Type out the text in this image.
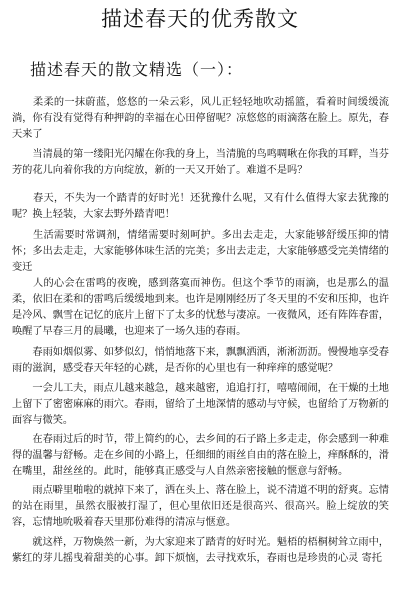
描述春天的优秀散文
描述春天的散文精选（一）：

　　柔柔的一抹蔚蓝，悠悠的一朵云彩，风儿正轻轻地吹动摇篮，看着时间缓缓流淌，你有没有觉得有种押韵的幸福在心田停留呢？凉悠悠的雨滴落在脸上。原先，春天来了

　　当清晨的第一缕阳光闪耀在你我的身上，当清脆的鸟鸣啁啾在你我的耳畔，当芬芳的花儿向着你我的方向绽放，新的一天又开始了。难道不是吗？

　　春天，不失为一个踏青的好时光！还犹豫什么呢，又有什么值得大家去犹豫的呢？换上轻装，大家去野外踏青吧！

　　生活需要时常调剂，情绪需要时刻呵护。多出去走走，大家能够舒缓压抑的情怀；多出去走走，大家能够体味生活的完美；多出去走走，大家能够感受完美情绪的变迁

　　人的心会在雷鸣的夜晚，感到落寞而神伤。但这个季节的雨滴，也是那么的温柔，依旧在柔和的雷鸣后缓缓地到来。也许是刚刚经历了冬天里的不安和压抑，也许是冷风、飘雪在记忆的底片上留下了太多的忧愁与凄凉。一夜微风，还有阵阵春雷，唤醒了早春三月的晨曦，也迎来了一场久违的春雨。

　　春雨如烟似雾、如梦似幻，悄悄地落下来，飘飘洒洒，淅淅沥沥。慢慢地享受春雨的滋润，感受春天年轻的心跳，是否你的心里也有一种痒痒的感觉呢？

　　一会儿工夫，雨点儿越来越急，越来越密，追追打打，嘻嘻闹闹，在干燥的土地上留下了密密麻麻的雨穴。春雨，留给了土地深情的感动与守候，也留给了万物新的面容与微笑。

　　在春雨过后的时节，带上简约的心，去乡间的石子路上多走走，你会感到一种难得的温馨与舒畅。走在乡间的小路上，任细细的雨丝自由的落在脸上，痒酥酥的，滑在嘴里，甜丝丝的。此时，能够真正感受与人自然亲密接触的惬意与舒畅。

　　雨点噼里啪啦的就掉下来了，洒在头上、落在脸上，说不清道不明的舒爽。忘情的站在雨里，虽然衣服被打湿了，但心里依旧还是很高兴、很高兴。脸上绽放的笑容，忘情地吮吸着春天里那份难得的清凉与惬意。

　　就这样，万物焕然一新，为大家迎来了踏青的好时光。魁梧的梧桐树耸立雨中，紫红的芽儿摇曳着甜美的心事。卸下烦恼，去寻找欢乐，春雨也是珍贵的心灵 寄托
